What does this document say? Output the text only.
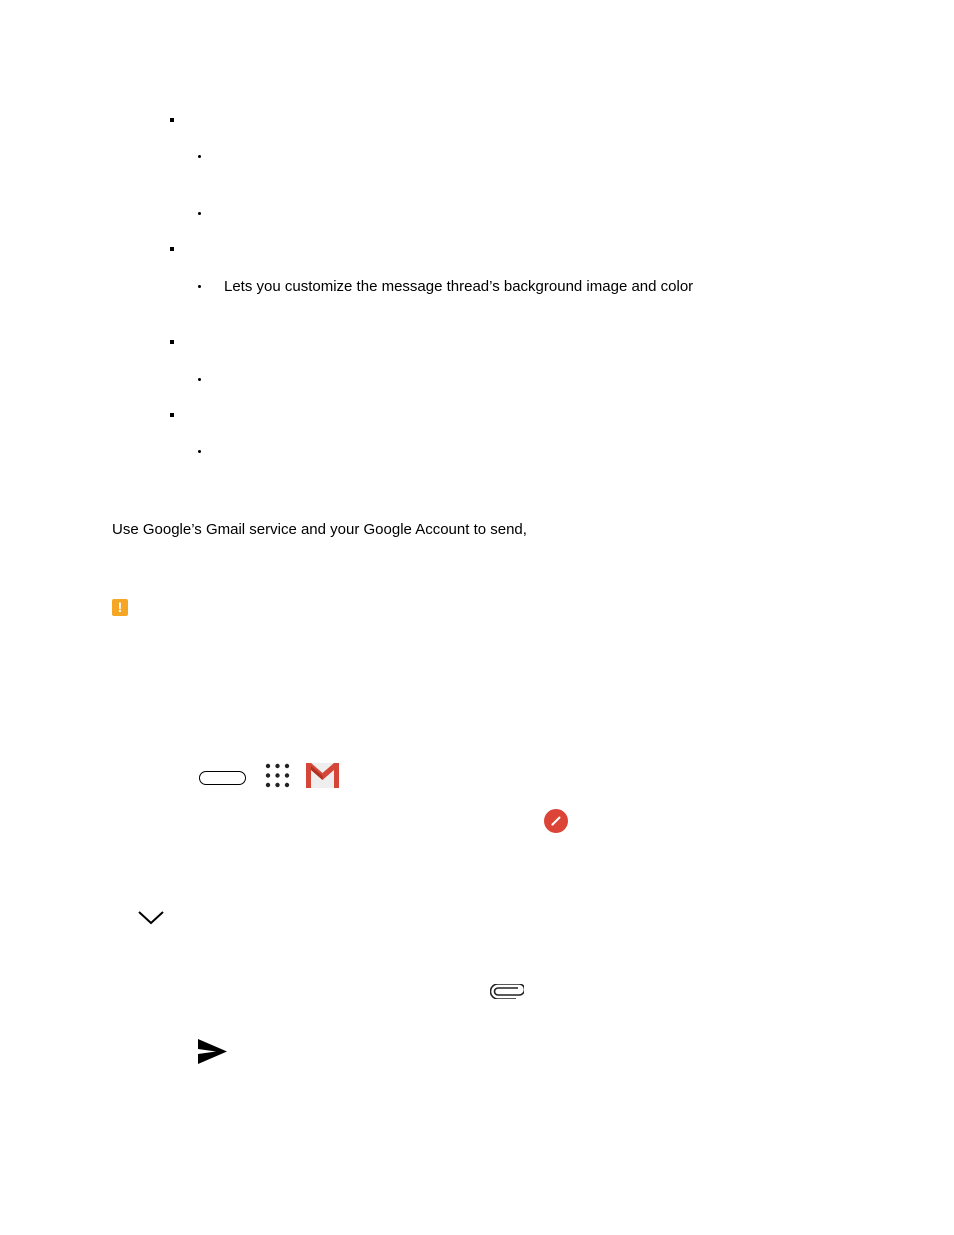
Lets you customize the message thread’s background image and color
Use Google’s Gmail service and your Google Account to send,
!
